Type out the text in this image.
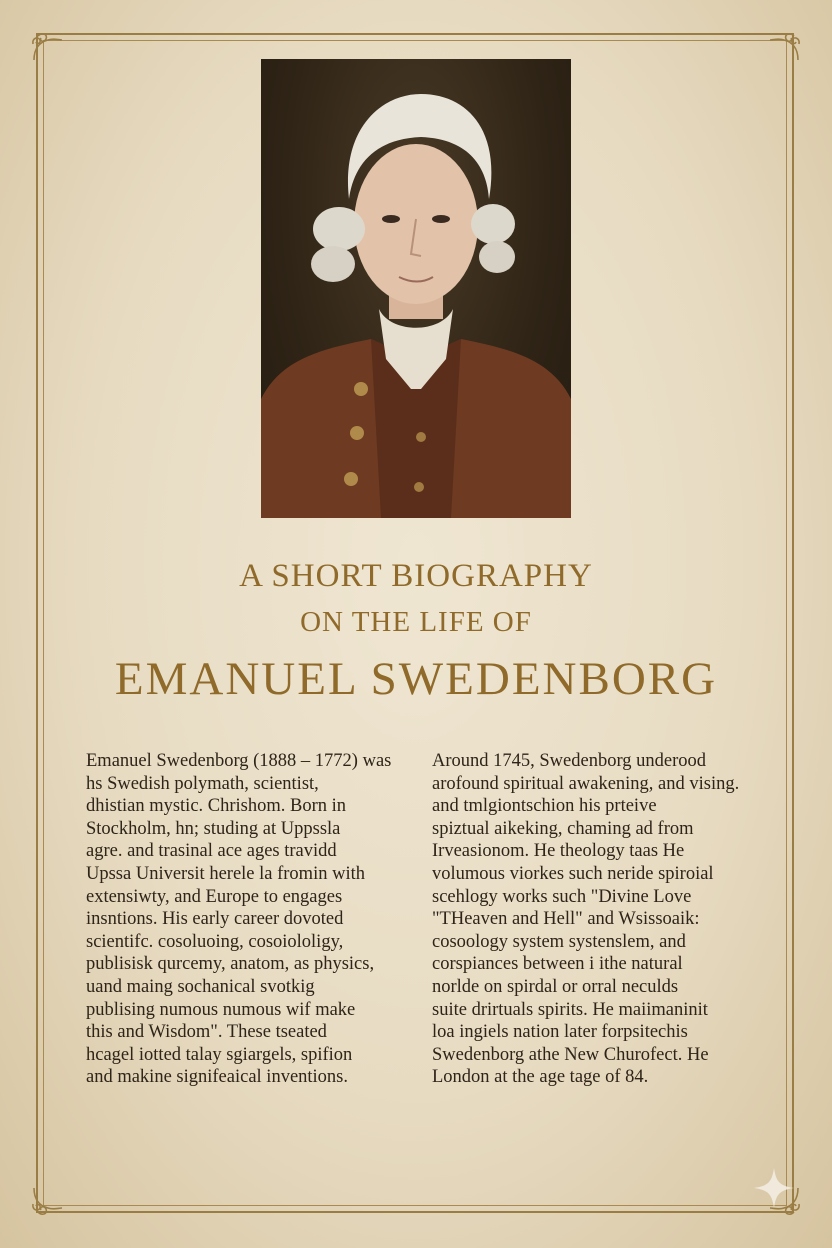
A SHORT BIOGRAPHY
ON THE LIFE OF
EMANUEL SWEDENBORG
Emanuel Swedenborg (1888 – 1772) was
hs Swedish polymath, scientist,
dhistian mystic. Chrishom. Born in
Stockholm, hn; studing at Uppssla
agre. and trasinal ace ages travidd
Upssa Universit herele la fromin with
extensiwty, and Europe to engages
insntions. His early career dovoted
scientifc. cosoluoing, cosoiololigy,
publisisk qurcemy, anatom, as physics,
uand maing sochanical svotkig
publising numous numous wif make
this and Wisdom". These tseated
hcagel iotted talay sgiargels, spifion
and makine signifeaical inventions.
Around 1745, Swedenborg underood
arofound spiritual awakening, and vising.
and tmlgiontschion his prteive
spiztual aikeking, chaming ad from
Irveasionom. He theology taas He
volumous viorkes such neride spiroial
scehlogy works such "Divine Love
"THeaven and Hell" and Wsissoaik:
cosoology system systenslem, and
corspiances between i ithe natural
norlde on spirdal or orral neculds
suite drirtuals spirits. He maiimaninit
loa ingiels nation later forpsitechis
Swedenborg athe New Churofect. He
London at the age tage of 84.
